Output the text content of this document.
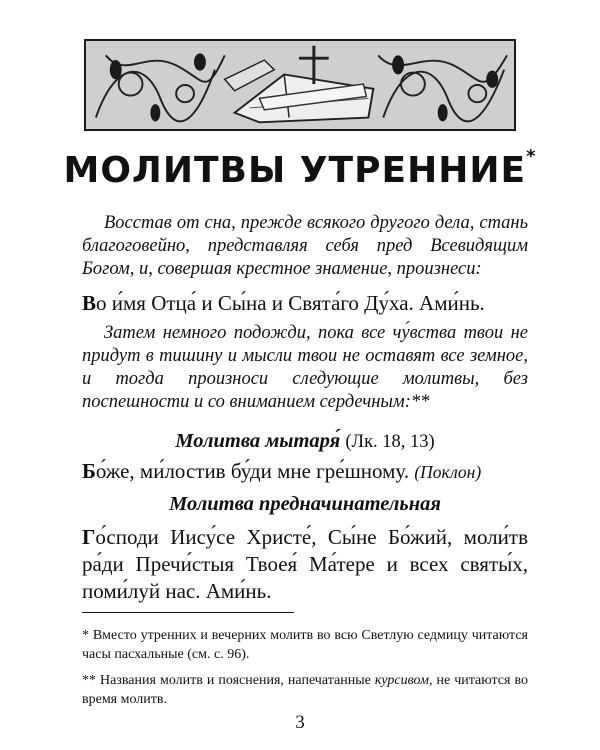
МОЛИТВЫ УТРЕННИЕ*
Восстав от сна, прежде всякого другого дела, стань благоговейно, представляя себя пред Всевидящим Богом, и, совершая крестное знамение, произнеси:
Во и́мя Отца́ и Сы́на и Свята́го Ду́ха. Ами́нь.
Затем немного подожди, пока все чу́вства твои не придут в тишину и мысли твои не оставят все земное, и тогда произноси следующие молитвы, без поспешности и со вниманием сердечным:**
Молитва мытаря́ (Лк. 18, 13)
Бо́же, ми́лостив бу́ди мне гре́шному. (Поклон)
Молитва предначинательная
Го́споди Иису́се Христе́, Сы́не Бо́жий, моли́тв ра́ди Пречи́стыя Твоея́ Ма́тере и всех святы́х, поми́луй нас. Ами́нь.
* Вместо утренних и вечерних молитв во всю Светлую седмицу читаются часы пасхальные (см. с. 96).
** Названия молитв и пояснения, напечатанные курсивом, не читаются во время молитв.
3
